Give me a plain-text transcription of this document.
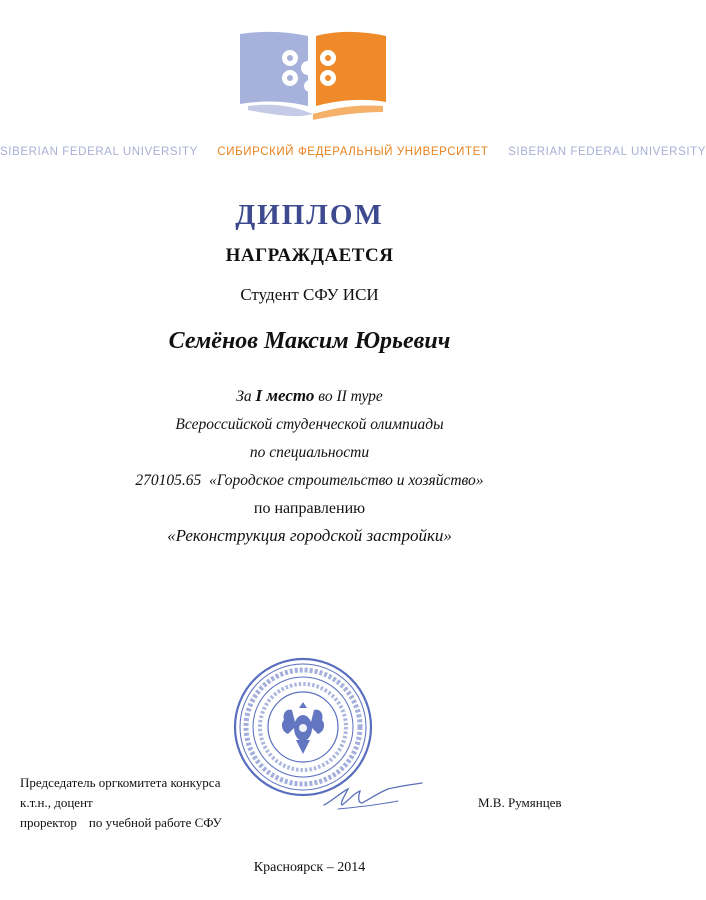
SIBERIAN FEDERAL UNIVERSITY СИБИРСКИЙ ФЕДЕРАЛЬНЫЙ УНИВЕРСИТЕТ SIBERIAN FEDERAL UNIVERSITY
ДИПЛОМ
НАГРАЖДАЕТСЯ
Студент СФУ ИСИ
Семёнов Максим Юрьевич
За I место во II туре
Всероссийской студенческой олимпиады
по специальности
270105.65 «Городское строительство и хозяйство»
по направлению
«Реконструкция городской застройки»
Председатель оргкомитета конкурса
к.т.н., доцент
проректор по учебной работе СФУ
М.В. Румянцев
Красноярск – 2014
